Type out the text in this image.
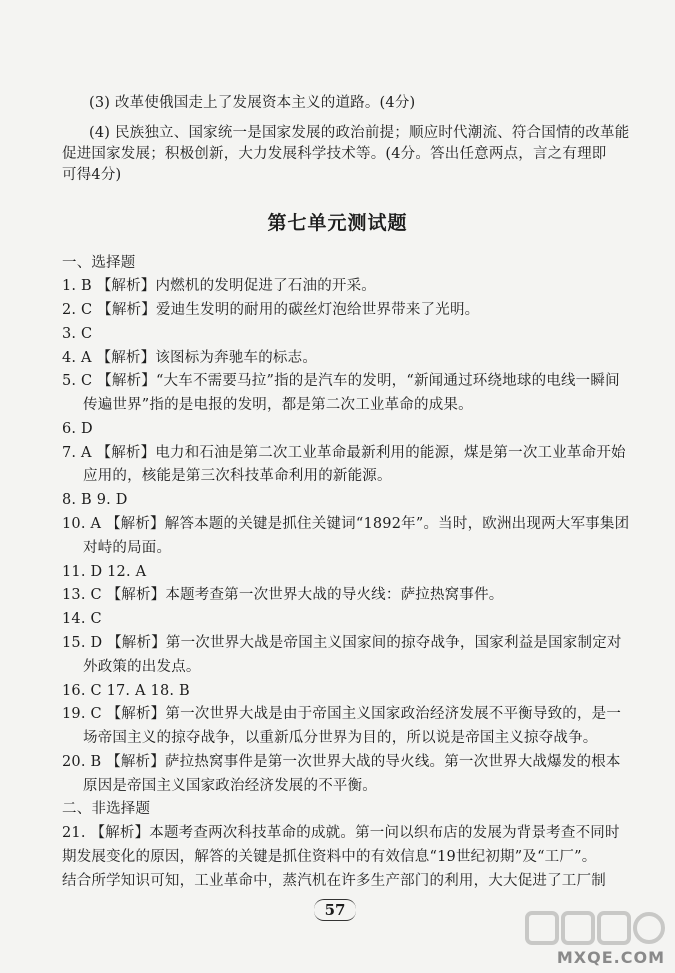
(3) 改革使俄国走上了发展资本主义的道路。(4分)
(4) 民族独立、国家统一是国家发展的政治前提；顺应时代潮流、符合国情的改革能
促进国家发展；积极创新，大力发展科学技术等。(4分。答出任意两点，言之有理即
可得4分)
第七单元测试题
一、选择题
1. B 【解析】内燃机的发明促进了石油的开采。
2. C 【解析】爱迪生发明的耐用的碳丝灯泡给世界带来了光明。
3. C
4. A 【解析】该图标为奔驰车的标志。
5. C 【解析】“大车不需要马拉”指的是汽车的发明，“新闻通过环绕地球的电线一瞬间
传遍世界”指的是电报的发明，都是第二次工业革命的成果。
6. D
7. A 【解析】电力和石油是第二次工业革命最新利用的能源，煤是第一次工业革命开始
应用的，核能是第三次科技革命利用的新能源。
8. B 9. D
10. A 【解析】解答本题的关键是抓住关键词“1892年”。当时，欧洲出现两大军事集团
对峙的局面。
11. D 12. A
13. C 【解析】本题考查第一次世界大战的导火线：萨拉热窝事件。
14. C
15. D 【解析】第一次世界大战是帝国主义国家间的掠夺战争，国家利益是国家制定对
外政策的出发点。
16. C 17. A 18. B
19. C 【解析】第一次世界大战是由于帝国主义国家政治经济发展不平衡导致的，是一
场帝国主义的掠夺战争，以重新瓜分世界为目的，所以说是帝国主义掠夺战争。
20. B 【解析】萨拉热窝事件是第一次世界大战的导火线。第一次世界大战爆发的根本
原因是帝国主义国家政治经济发展的不平衡。
二、非选择题
21. 【解析】本题考查两次科技革命的成就。第一问以织布店的发展为背景考查不同时
期发展变化的原因，解答的关键是抓住资料中的有效信息“19世纪初期”及“工厂”。
结合所学知识可知，工业革命中，蒸汽机在许多生产部门的利用，大大促进了工厂制
57
MXQE.COM
